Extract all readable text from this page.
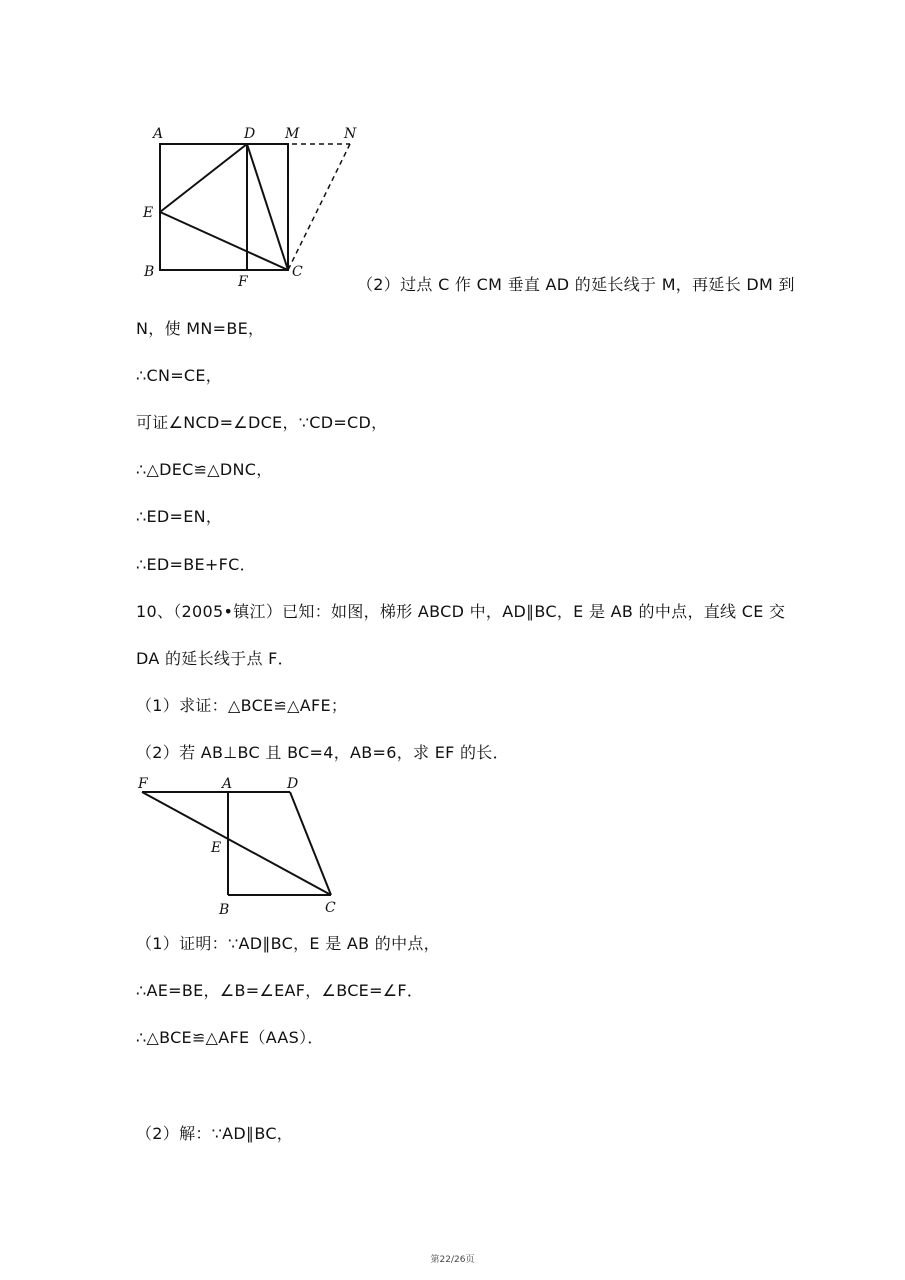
A	D M	N
E
B
F
C
（2）过点 C 作 CM 垂直 AD 的延长线于 M，再延长 DM 到
N，使 MN=BE，
∴CN=CE，
可证∠NCD=∠DCE，∵CD=CD，
∴△DEC≌△DNC，
∴ED=EN，
∴ED=BE+FC．
10、（2005•镇江）已知：如图，梯形 ABCD 中，AD∥BC，E 是 AB 的中点，直线 CE 交
DA 的延长线于点 F．
（1）求证：△BCE≌△AFE；
（2）若 AB⊥BC 且 BC=4，AB=6，求 EF 的长．
F	A	D
E
B	C
（1）证明：∵AD∥BC，E 是 AB 的中点，
∴AE=BE，∠B=∠EAF，∠BCE=∠F．
∴△BCE≌△AFE（AAS）．
（2）解：∵AD∥BC，
第22/26页
